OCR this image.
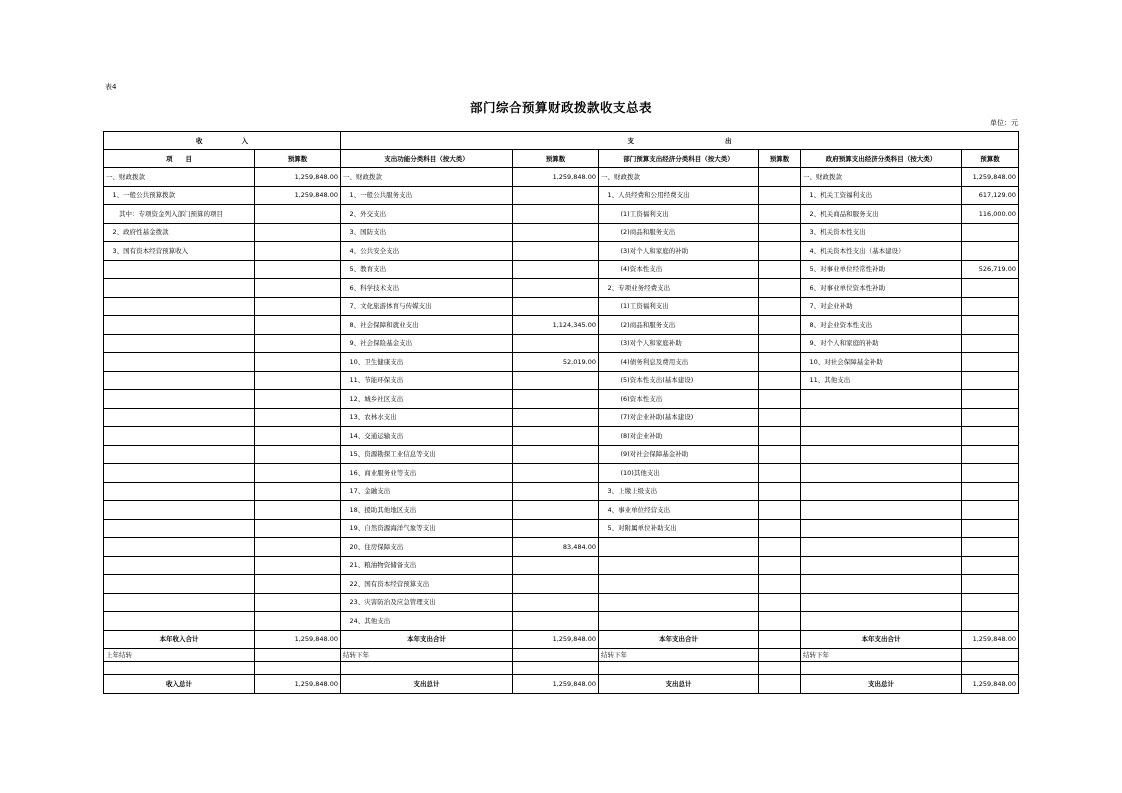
表4
部门综合预算财政拨款收支总表
单位：元
收　　　　　　入		支　　　　　　　　　　　　　　出					
项　　目	预算数	支出功能分类科目（按大类）	预算数	部门预算支出经济分类科目（按大类）	预算数	政府预算支出经济分类科目（按大类）	预算数
一、财政拨款	1,259,848.00	一、财政拨款	1,259,848.00	一、财政拨款		一、财政拨款	1,259,848.00
　1、一般公共预算拨款	1,259,848.00	　1、一般公共服务支出		　1、人员经费和公用经费支出		　1、机关工资福利支出	617,129.00
　　其中：专项资金列入部门预算的项目		　2、外交支出		　　　(1)工资福利支出		　2、机关商品和服务支出	116,000.00
　2、政府性基金拨款		　3、国防支出		　　　(2)商品和服务支出		　3、机关资本性支出	
　3、国有资本经营预算收入		　4、公共安全支出		　　　(3)对个人和家庭的补助		　4、机关资本性支出（基本建设）	
		　5、教育支出		　　　(4)资本性支出		　5、对事业单位经常性补助	526,719.00
		　6、科学技术支出		　2、专项业务经费支出		　6、对事业单位资本性补助	
		　7、文化旅游体育与传媒支出		　　　(1)工资福利支出		　7、对企业补助	
		　8、社会保障和就业支出	1,124,345.00	　　　(2)商品和服务支出		　8、对企业资本性支出	
		　9、社会保险基金支出		　　　(3)对个人和家庭补助		　9、对个人和家庭的补助	
		　10、卫生健康支出	52,019.00	　　　(4)债务利息及费用支出		　10、对社会保障基金补助	
		　11、节能环保支出		　　　(5)资本性支出(基本建设)		　11、其他支出	
		　12、城乡社区支出		　　　(6)资本性支出			
		　13、农林水支出		　　　(7)对企业补助(基本建设)			
		　14、交通运输支出		　　　(8)对企业补助			
		　15、资源勘探工业信息等支出		　　　(9)对社会保障基金补助			
		　16、商业服务业等支出		　　　(10)其他支出			
		　17、金融支出		　3、上缴上级支出			
		　18、援助其他地区支出		　4、事业单位经营支出			
		　19、自然资源海洋气象等支出		　5、对附属单位补助支出			
		　20、住房保障支出	83,484.00				
		　21、粮油物资储备支出					
		　22、国有资本经营预算支出					
		　23、灾害防治及应急管理支出					
		　24、其他支出					
本年收入合计	1,259,848.00	本年支出合计	1,259,848.00	本年支出合计		本年支出合计	1,259,848.00
上年结转		结转下年		结转下年		结转下年	

收入总计	1,259,848.00	支出总计	1,259,848.00	支出总计		支出总计	1,259,848.00
